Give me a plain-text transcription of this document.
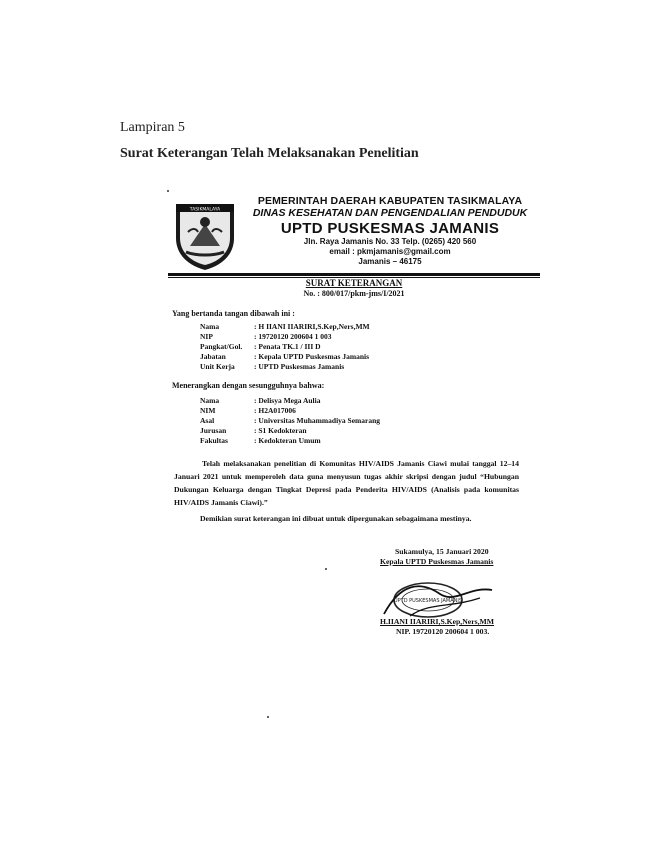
Lampiran 5
Surat Keterangan Telah Melaksanakan Penelitian
TASIKMALAYA
PEMERINTAH DAERAH KABUPATEN TASIKMALAYA
DINAS KESEHATAN DAN PENGENDALIAN PENDUDUK
UPTD PUSKESMAS JAMANIS
Jln. Raya Jamanis No. 33 Telp. (0265) 420 560
email : pkmjamanis@gmail.com
Jamanis – 46175
SURAT KETERANGAN
No. : 800/017/pkm-jms/I/2021
Yang bertanda tangan dibawah ini :
Nama	: H IIANI IIARIRI,S.Kep,Ners,MM
NIP	: 19720120 200604 1 003
Pangkat/Gol. : Penata TK.1 / III D
Jabatan	: Kepala UPTD Puskesmas Jamanis
Unit Kerja	: UPTD Puskesmas Jamanis
Menerangkan dengan sesungguhnya bahwa:
Nama	: Delisya Mega Aulia
NIM	: H2A017006
Asal	: Universitas Muhammadiya Semarang
Jurusan	: S1 Kedokteran
Fakultas	: Kedokteran Umum
Telah melaksanakan penelitian di Komunitas HIV/AIDS Jamanis Ciawi mulai tanggal 12–14 Januari 2021 untuk memperoleh data guna menyusun tugas akhir skripsi dengan judul “Hubungan Dukungan Keluarga dengan Tingkat Depresi pada Penderita HIV/AIDS (Analisis pada komunitas HIV/AIDS Jamanis Ciawi).”
Demikian surat keterangan ini dibuat untuk dipergunakan sebagaimana mestinya.
Sukamulya, 15 Januari 2020
Kepala UPTD Puskesmas Jamanis
UPTD PUSKESMAS JAMANIS
H.IIANI IIARIRI,S.Kep,Ners,MM
NIP. 19720120 200604 1 003.
